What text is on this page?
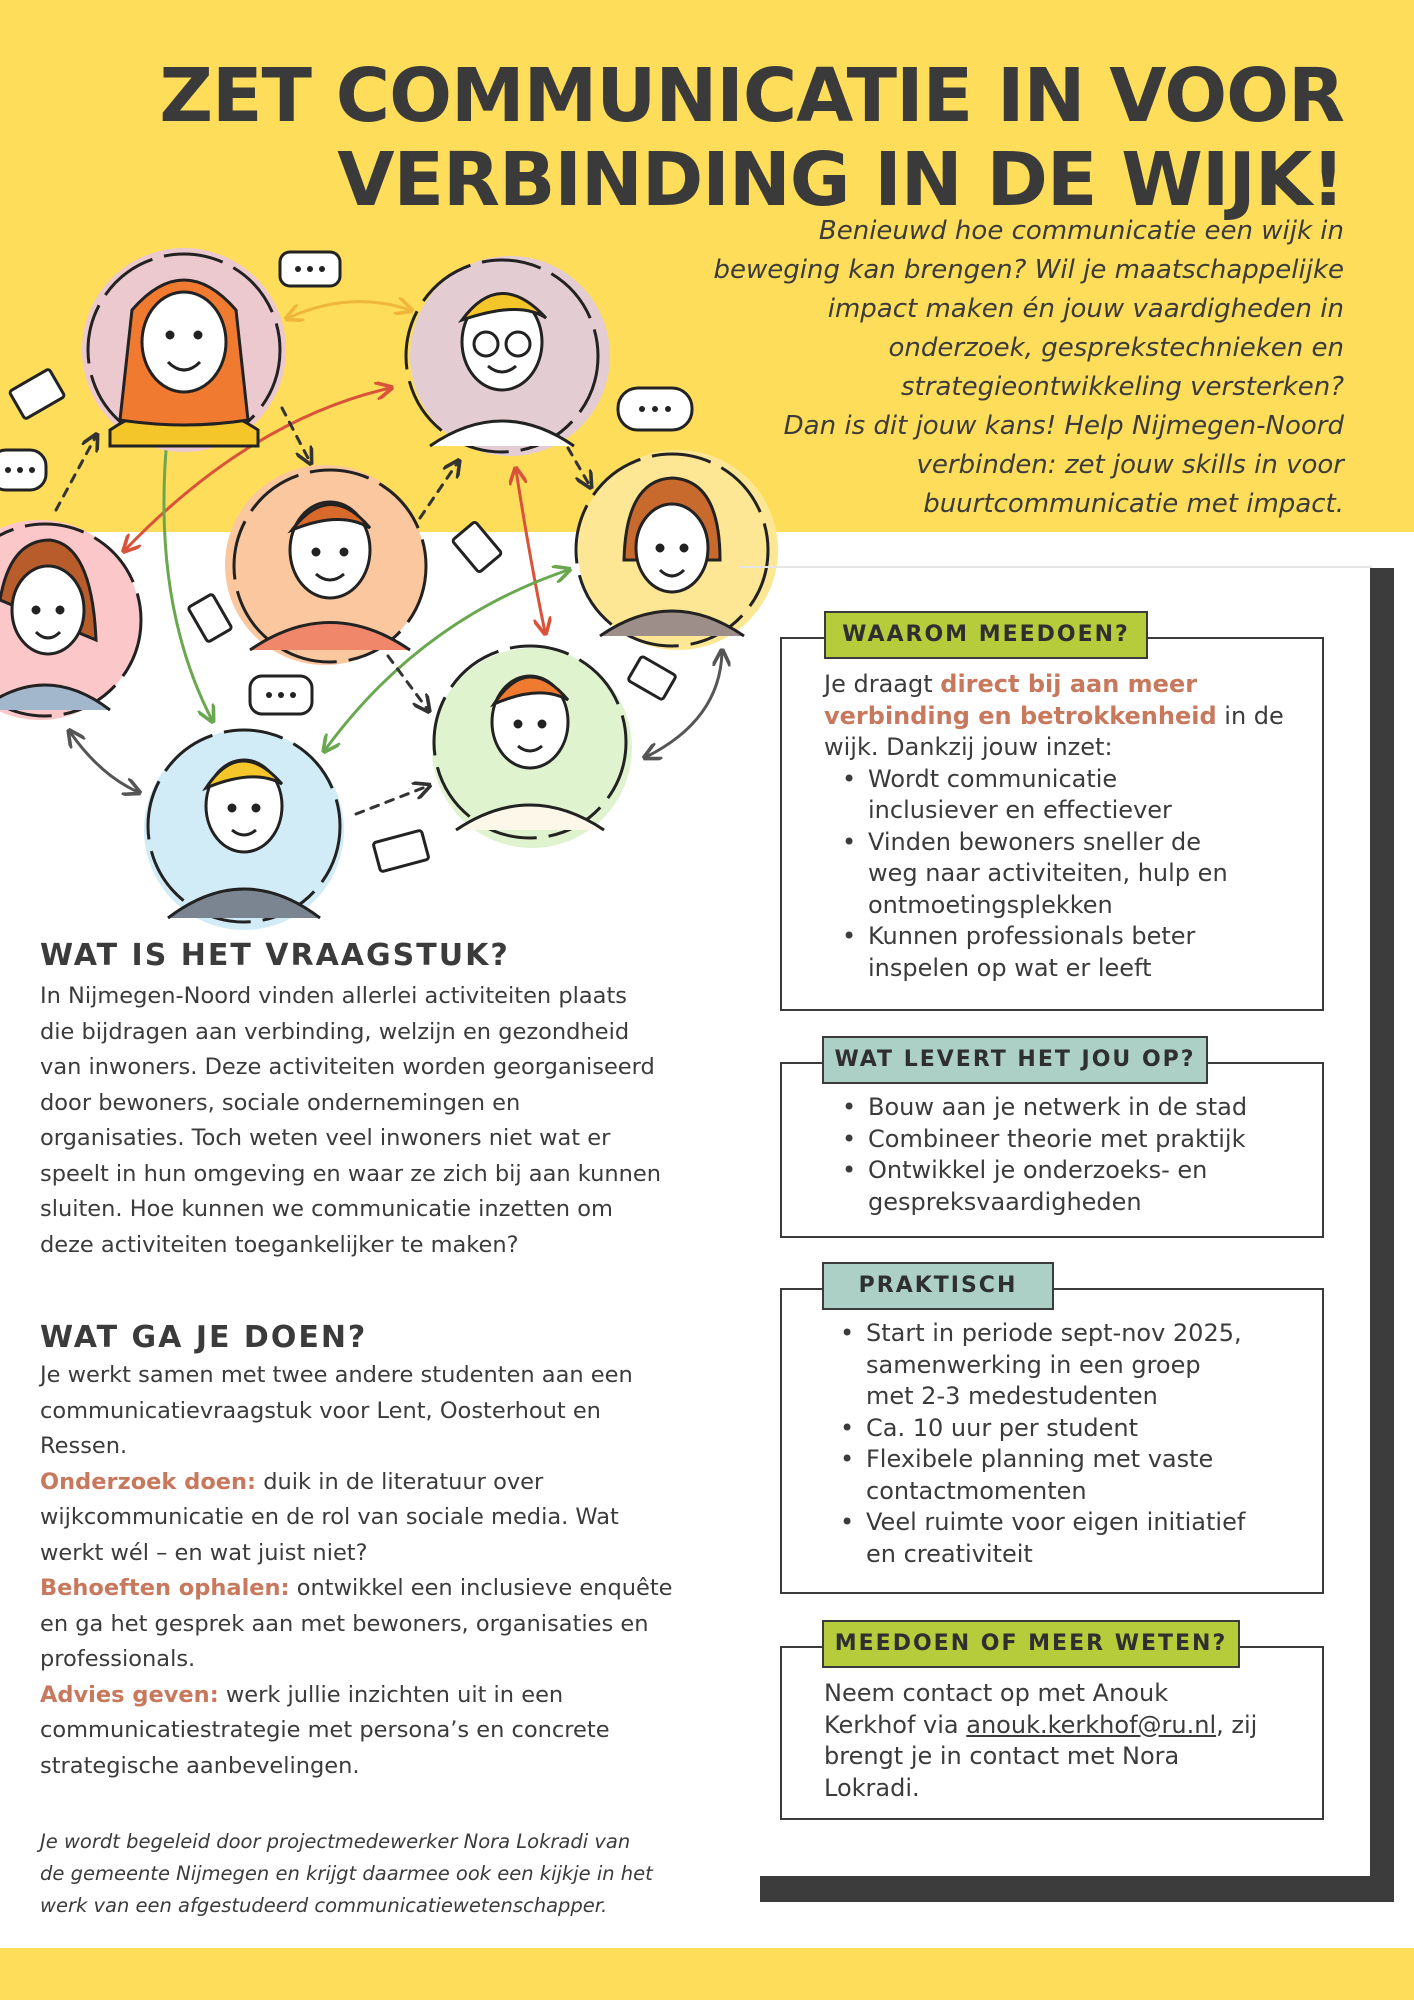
ZET COMMUNICATIE IN VOOR
VERBINDING IN DE WIJK!
Benieuwd hoe communicatie een wijk in
beweging kan brengen? Wil je maatschappelijke
impact maken én jouw vaardigheden in
onderzoek, gesprekstechnieken en
strategieontwikkeling versterken?
Dan is dit jouw kans! Help Nijmegen-Noord
verbinden: zet jouw skills in voor
buurtcommunicatie met impact.
WAT IS HET VRAAGSTUK?
In Nijmegen-Noord vinden allerlei activiteiten plaats
die bijdragen aan verbinding, welzijn en gezondheid
van inwoners. Deze activiteiten worden georganiseerd
door bewoners, sociale ondernemingen en
organisaties. Toch weten veel inwoners niet wat er
speelt in hun omgeving en waar ze zich bij aan kunnen
sluiten. Hoe kunnen we communicatie inzetten om
deze activiteiten toegankelijker te maken?
WAT GA JE DOEN?
Je werkt samen met twee andere studenten aan een
communicatievraagstuk voor Lent, Oosterhout en
Ressen.
Onderzoek doen: duik in de literatuur over
wijkcommunicatie en de rol van sociale media. Wat
werkt wél – en wat juist niet?
Behoeften ophalen: ontwikkel een inclusieve enquête
en ga het gesprek aan met bewoners, organisaties en
professionals.
Advies geven: werk jullie inzichten uit in een
communicatiestrategie met persona’s en concrete
strategische aanbevelingen.
Je wordt begeleid door projectmedewerker Nora Lokradi van
de gemeente Nijmegen en krijgt daarmee ook een kijkje in het
werk van een afgestudeerd communicatiewetenschapper.
Je draagt direct bij aan meer
verbinding en betrokkenheid in de
wijk. Dankzij jouw inzet:
• Wordt communicatie
inclusiever en effectiever
• Vinden bewoners sneller de
weg naar activiteiten, hulp en
ontmoetingsplekken
• Kunnen professionals beter
inspelen op wat er leeft
WAAROM MEEDOEN?
• Bouw aan je netwerk in de stad
• Combineer theorie met praktijk
• Ontwikkel je onderzoeks- en
gespreksvaardigheden
WAT LEVERT HET JOU OP?
• Start in periode sept-nov 2025,
samenwerking in een groep
met 2-3 medestudenten
• Ca. 10 uur per student
• Flexibele planning met vaste
contactmomenten
• Veel ruimte voor eigen initiatief
en creativiteit
PRAKTISCH
Neem contact op met Anouk
Kerkhof via anouk.kerkhof@ru.nl, zij
brengt je in contact met Nora
Lokradi.
MEEDOEN OF MEER WETEN?
